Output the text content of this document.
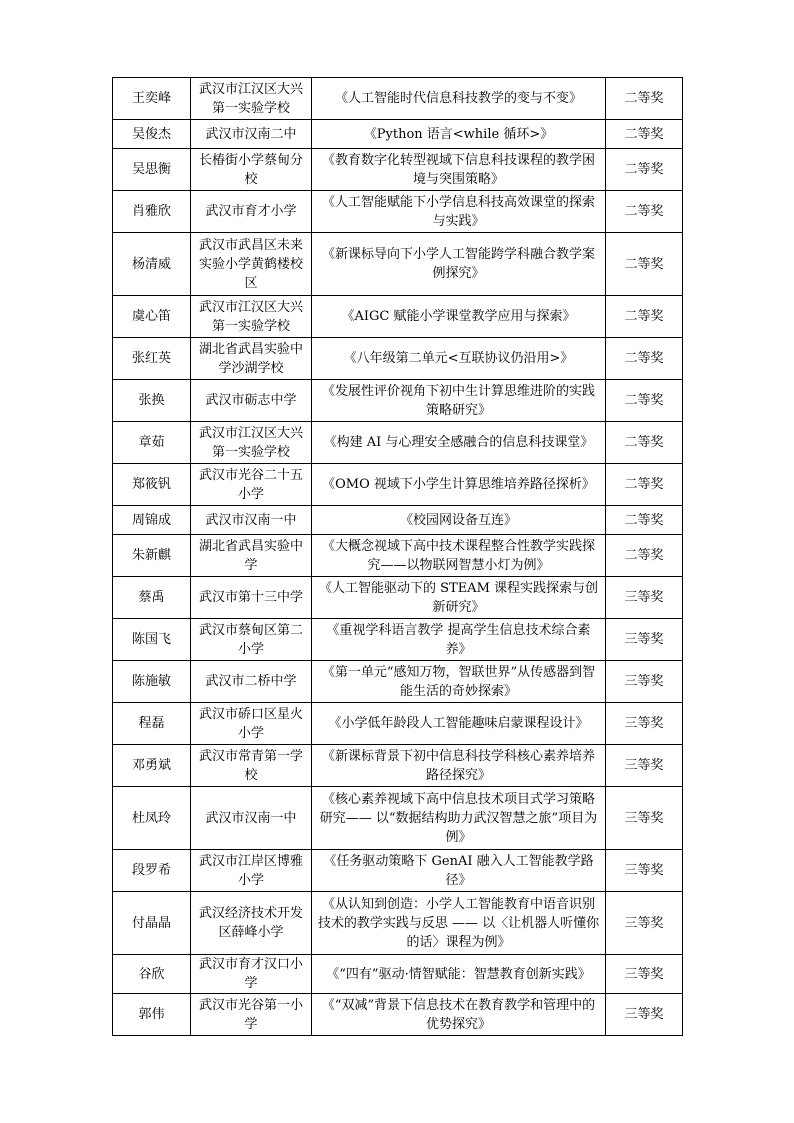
王奕峰	武汉市江汉区大兴第一实验学校	《人工智能时代信息科技教学的变与不变》	二等奖
吴俊杰	武汉市汉南二中	《Python 语言<while 循环>》	二等奖
吴思衡	长椿街小学蔡甸分校	《教育数字化转型视域下信息科技课程的教学困境与突围策略》	二等奖
肖雅欣	武汉市育才小学	《人工智能赋能下小学信息科技高效课堂的探索与实践》	二等奖
杨清威	武汉市武昌区未来实验小学黄鹤楼校区	《新课标导向下小学人工智能跨学科融合教学案例探究》	二等奖
虞心笛	武汉市江汉区大兴第一实验学校	《AIGC 赋能小学课堂教学应用与探索》	二等奖
张红英	湖北省武昌实验中学沙湖学校	《八年级第二单元<互联协议仍沿用>》	二等奖
张换	武汉市砺志中学	《发展性评价视角下初中生计算思维进阶的实践策略研究》	二等奖
章茹	武汉市江汉区大兴第一实验学校	《构建 AI 与心理安全感融合的信息科技课堂》	二等奖
郑筱钒	武汉市光谷二十五小学	《OMO 视域下小学生计算思维培养路径探析》	二等奖
周锦成	武汉市汉南一中	《校园网设备互连》	二等奖
朱新麒	湖北省武昌实验中学	《大概念视域下高中技术课程整合性教学实践探究——以物联网智慧小灯为例》	二等奖
蔡禹	武汉市第十三中学	《人工智能驱动下的 STEAM 课程实践探索与创新研究》	三等奖
陈国飞	武汉市蔡甸区第二小学	《重视学科语言教学 提高学生信息技术综合素养》	三等奖
陈施敏	武汉市二桥中学	《第一单元“感知万物，智联世界”从传感器到智能生活的奇妙探索》	三等奖
程磊	武汉市硚口区星火小学	《小学低年龄段人工智能趣味启蒙课程设计》	三等奖
邓勇斌	武汉市常青第一学校	《新课标背景下初中信息科技学科核心素养培养路径探究》	三等奖
杜凤玲	武汉市汉南一中	《核心素养视域下高中信息技术项目式学习策略研究—— 以“数据结构助力武汉智慧之旅”项目为例》	三等奖
段罗希	武汉市江岸区博雅小学	《任务驱动策略下 GenAI 融入人工智能教学路径》	三等奖
付晶晶	武汉经济技术开发区薛峰小学	《从认知到创造：小学人工智能教育中语音识别技术的教学实践与反思 —— 以〈让机器人听懂你的话〉课程为例》	三等奖
谷欣	武汉市育才汉口小学	《“四有”驱动·情智赋能：智慧教育创新实践》	三等奖
郭伟	武汉市光谷第一小学	《“双减”背景下信息技术在教育教学和管理中的优势探究》	三等奖
